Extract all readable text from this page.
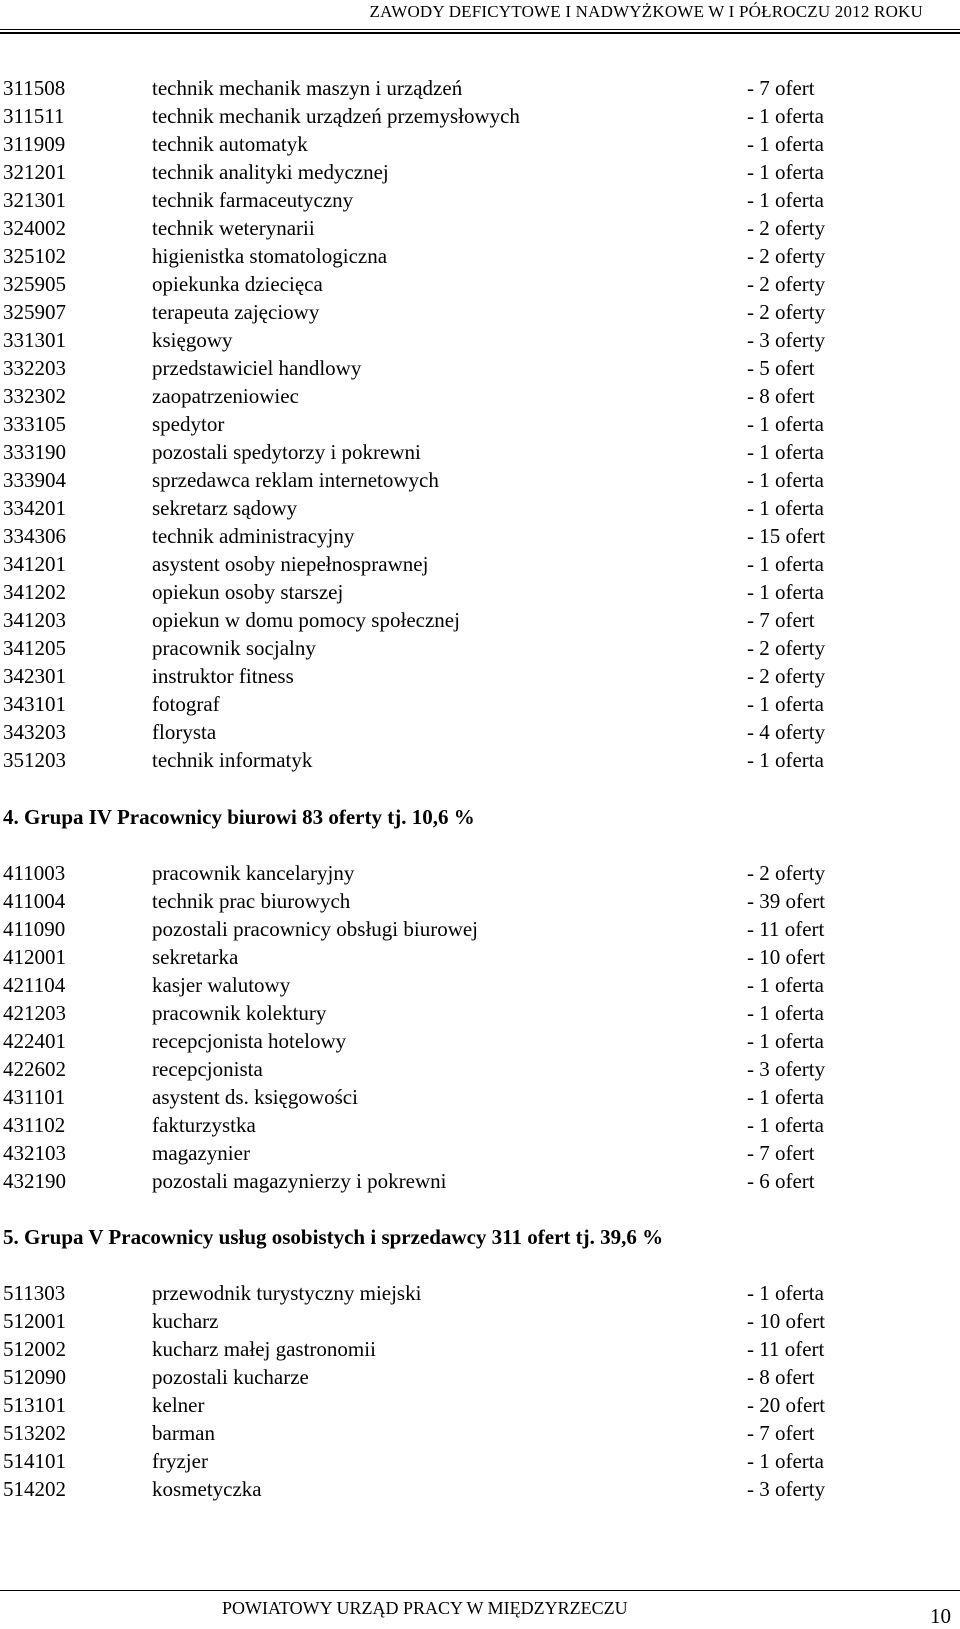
ZAWODY DEFICYTOWE I NADWYŻKOWE W I PÓŁROCZU 2012 ROKU
311508	technik mechanik maszyn i urządzeń	- 7 ofert
311511	technik mechanik urządzeń przemysłowych	- 1 oferta
311909	technik automatyk	- 1 oferta
321201	technik analityki medycznej	- 1 oferta
321301	technik farmaceutyczny	- 1 oferta
324002	technik weterynarii	- 2 oferty
325102	higienistka stomatologiczna	- 2 oferty
325905	opiekunka dziecięca	- 2 oferty
325907	terapeuta zajęciowy	- 2 oferty
331301	księgowy	- 3 oferty
332203	przedstawiciel handlowy	- 5 ofert
332302	zaopatrzeniowiec	- 8 ofert
333105	spedytor	- 1 oferta
333190	pozostali spedytorzy i pokrewni	- 1 oferta
333904	sprzedawca reklam internetowych	- 1 oferta
334201	sekretarz sądowy	- 1 oferta
334306	technik administracyjny	- 15 ofert
341201	asystent osoby niepełnosprawnej	- 1 oferta
341202	opiekun osoby starszej	- 1 oferta
341203	opiekun w domu pomocy społecznej	- 7 ofert
341205	pracownik socjalny	- 2 oferty
342301	instruktor fitness	- 2 oferty
343101	fotograf	- 1 oferta
343203	florysta	- 4 oferty
351203	technik informatyk	- 1 oferta
4. Grupa IV Pracownicy biurowi 83 oferty tj. 10,6 %
411003	pracownik kancelaryjny	- 2 oferty
411004	technik prac biurowych	- 39 ofert
411090	pozostali pracownicy obsługi biurowej	- 11 ofert
412001	sekretarka	- 10 ofert
421104	kasjer walutowy	- 1 oferta
421203	pracownik kolektury	- 1 oferta
422401	recepcjonista hotelowy	- 1 oferta
422602	recepcjonista	- 3 oferty
431101	asystent ds. księgowości	- 1 oferta
431102	fakturzystka	- 1 oferta
432103	magazynier	- 7 ofert
432190	pozostali magazynierzy i pokrewni	- 6 ofert
5. Grupa V Pracownicy usług osobistych i sprzedawcy 311 ofert tj. 39,6 %
511303	przewodnik turystyczny miejski	- 1 oferta
512001	kucharz	- 10 ofert
512002	kucharz małej gastronomii	- 11 ofert
512090	pozostali kucharze	- 8 ofert
513101	kelner	- 20 ofert
513202	barman	- 7 ofert
514101	fryzjer	- 1 oferta
514202	kosmetyczka	- 3 oferty
POWIATOWY URZĄD PRACY W MIĘDZYRZECZU	10
